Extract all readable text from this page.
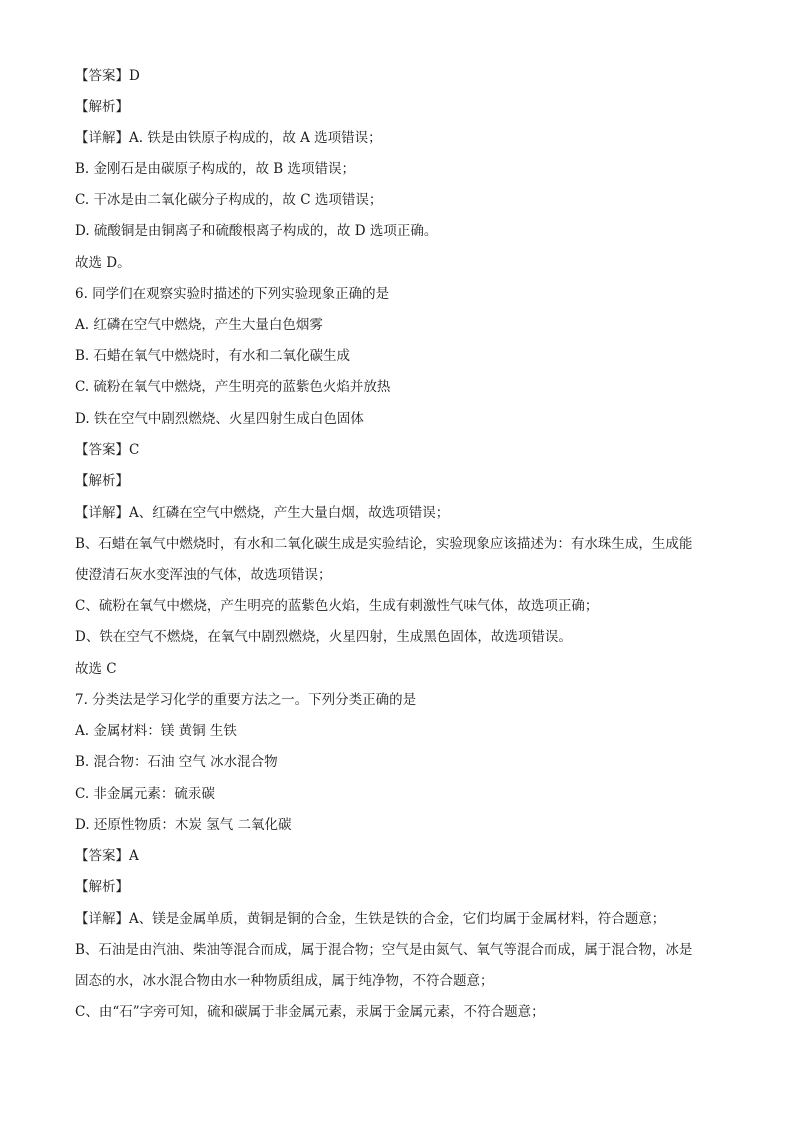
【答案】D
【解析】
【详解】A. 铁是由铁原子构成的，故 A 选项错误；
B. 金刚石是由碳原子构成的，故 B 选项错误；
C. 干冰是由二氧化碳分子构成的，故 C 选项错误；
D. 硫酸铜是由铜离子和硫酸根离子构成的，故 D 选项正确。
故选 D。
6. 同学们在观察实验时描述的下列实验现象正确的是
A. 红磷在空气中燃烧，产生大量白色烟雾
B. 石蜡在氧气中燃烧时，有水和二氧化碳生成
C. 硫粉在氧气中燃烧，产生明亮的蓝紫色火焰并放热
D. 铁在空气中剧烈燃烧、火星四射生成白色固体
【答案】C
【解析】
【详解】A、红磷在空气中燃烧，产生大量白烟，故选项错误；
B、石蜡在氧气中燃烧时，有水和二氧化碳生成是实验结论，实验现象应该描述为：有水珠生成，生成能
使澄清石灰水变浑浊的气体，故选项错误；
C、硫粉在氧气中燃烧，产生明亮的蓝紫色火焰，生成有刺激性气味气体，故选项正确；
D、铁在空气不燃烧，在氧气中剧烈燃烧，火星四射，生成黑色固体，故选项错误。
故选 C
7. 分类法是学习化学的重要方法之一。下列分类正确的是
A. 金属材料：镁 黄铜 生铁
B. 混合物：石油 空气 冰水混合物
C. 非金属元素：硫汞碳
D. 还原性物质：木炭 氢气 二氧化碳
【答案】A
【解析】
【详解】A、镁是金属单质，黄铜是铜的合金，生铁是铁的合金，它们均属于金属材料，符合题意；
B、石油是由汽油、柴油等混合而成，属于混合物；空气是由氮气、氧气等混合而成，属于混合物，冰是
固态的水，冰水混合物由水一种物质组成，属于纯净物，不符合题意；
C、由“石”字旁可知，硫和碳属于非金属元素，汞属于金属元素，不符合题意；
